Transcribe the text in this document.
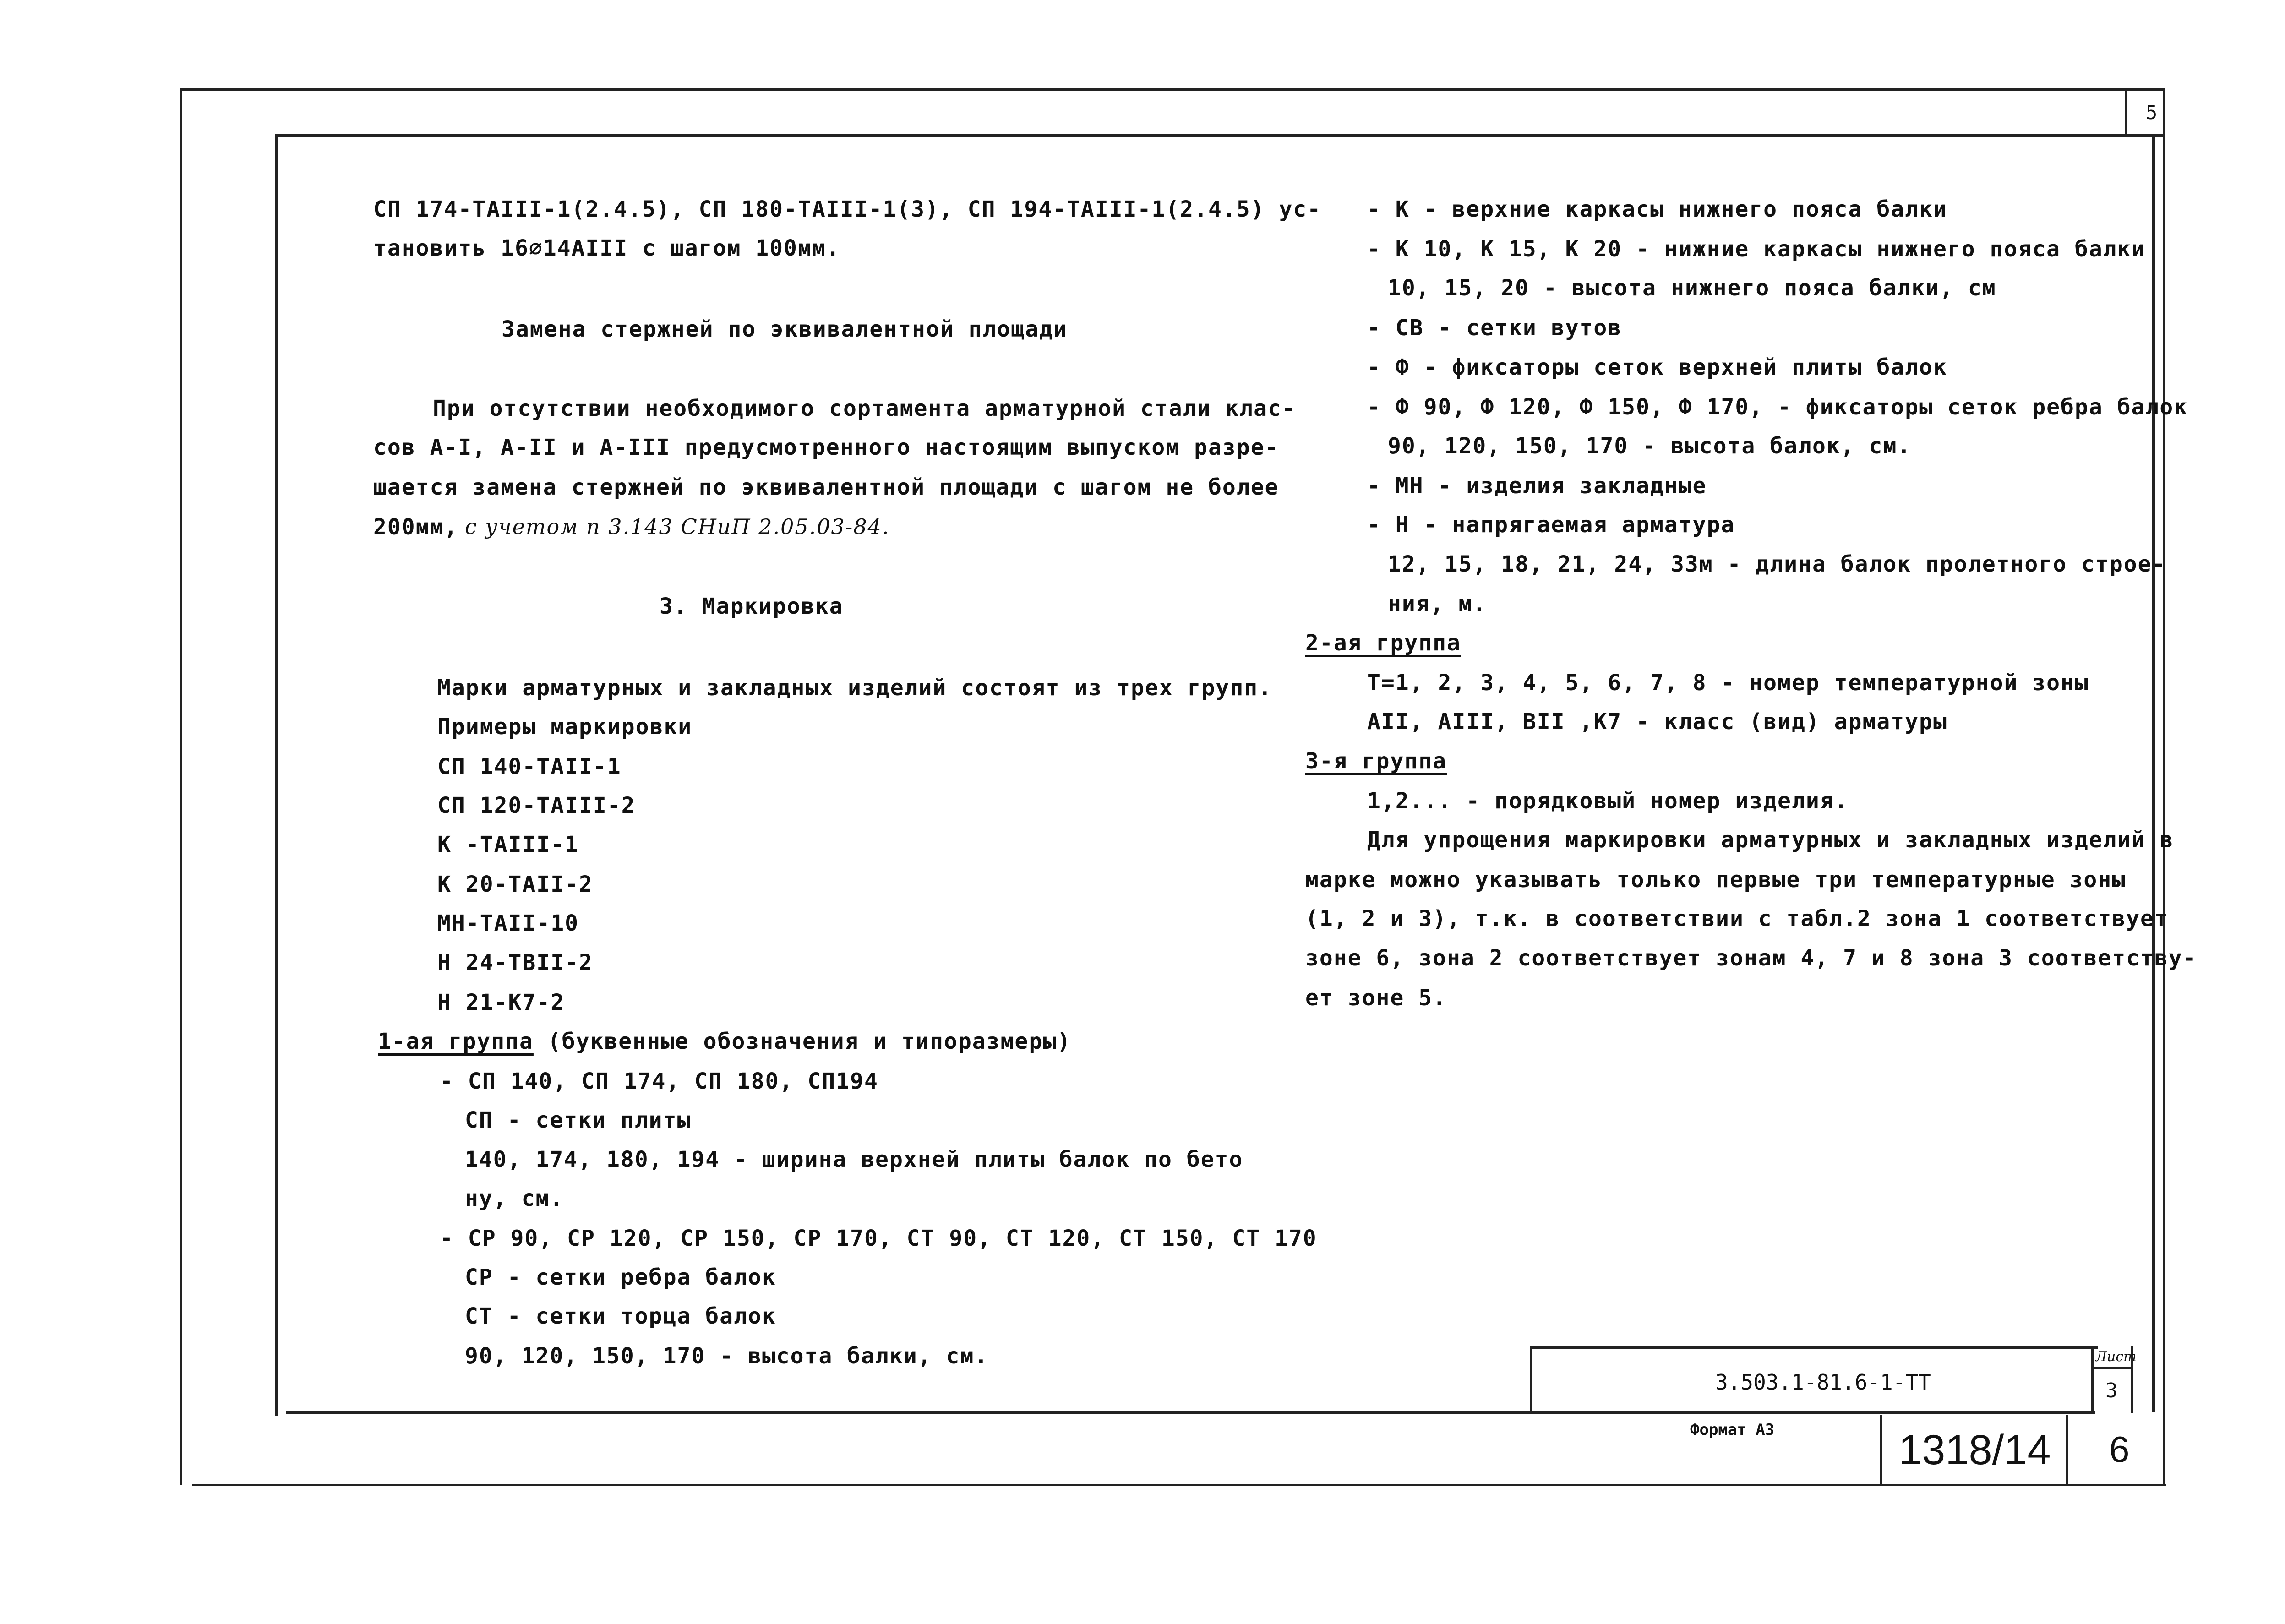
5
3.503.1-81.6-1-ТТ
Лист
3
Формат А3	1318/14 6
СП 174-ТАIII-1(2.4.5), СП 180-ТАIII-1(3), СП 194-ТАIII-1(2.4.5) ус-
тановить 16⌀14АIII с шагом 100мм.
Замена стержней по эквивалентной площади
При отсутствии необходимого сортамента арматурной стали клас-
сов А-I, А-II и А-III предусмотренного настоящим выпуском разре-
шается замена стержней по эквивалентной площади с шагом не более
200мм, с учетом п 3.143 СНиП 2.05.03-84.
3. Маркировка
Марки арматурных и закладных изделий состоят из трех групп.
Примеры маркировки
СП 140-ТАII-1
СП 120-ТАIII-2
К -ТАIII-1
К 20-ТАII-2
МН-ТАII-10
Н 24-ТВII-2
Н 21-К7-2
1-ая группа (буквенные обозначения и типоразмеры)
- СП 140, СП 174, СП 180, СП194
СП - сетки плиты
140, 174, 180, 194 - ширина верхней плиты балок по бето
ну, см.
- СР 90, СР 120, СР 150, СР 170, СТ 90, СТ 120, СТ 150, СТ 170
СР - сетки ребра балок
СТ - сетки торца балок
90, 120, 150, 170 - высота балки, см.
- К - верхние каркасы нижнего пояса балки
- К 10, К 15, К 20 - нижние каркасы нижнего пояса балки
10, 15, 20 - высота нижнего пояса балки, см
- СВ - сетки вутов
- Ф - фиксаторы сеток верхней плиты балок
- Ф 90, Ф 120, Ф 150, Ф 170, - фиксаторы сеток ребра балок
90, 120, 150, 170 - высота балок, см.
- МН - изделия закладные
- Н - напрягаемая арматура
12, 15, 18, 21, 24, 33м - длина балок пролетного строе-
ния, м.
2-ая группа
Т=1, 2, 3, 4, 5, 6, 7, 8 - номер температурной зоны
АII, АIII, ВII ,К7 - класс (вид) арматуры
3-я группа
1,2... - порядковый номер изделия.
Для упрощения маркировки арматурных и закладных изделий в
марке можно указывать только первые три температурные зоны
(1, 2 и 3), т.к. в соответствии с табл.2 зона 1 соответствует
зоне 6, зона 2 соответствует зонам 4, 7 и 8 зона 3 соответству-
ет зоне 5.
